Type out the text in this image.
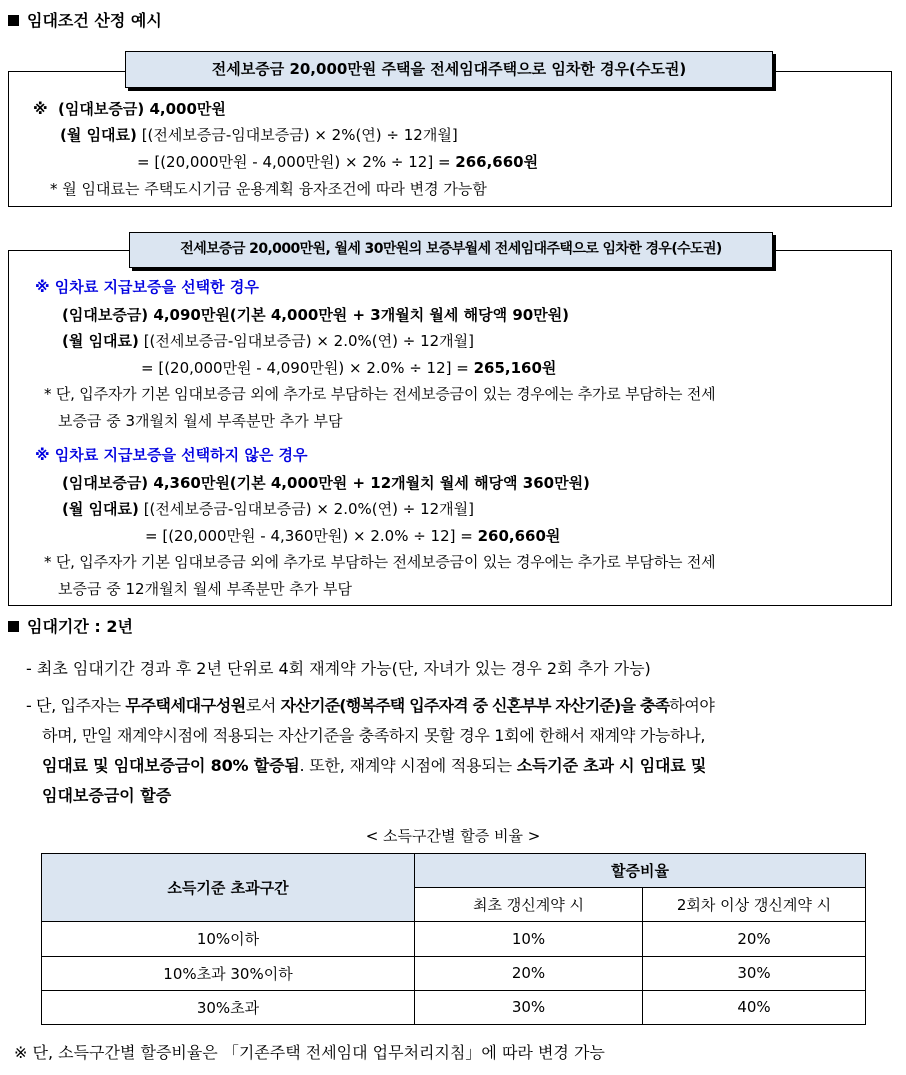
임대조건 산정 예시
전세보증금 20,000만원 주택을 전세임대주택으로 임차한 경우(수도권)
※ (임대보증금) 4,000만원
(월 임대료) [(전세보증금-임대보증금) × 2%(연) ÷ 12개월]
= [(20,000만원 - 4,000만원) × 2% ÷ 12] = 266,660원
* 월 임대료는 주택도시기금 운용계획 융자조건에 따라 변경 가능함
전세보증금 20,000만원, 월세 30만원의 보증부월세 전세임대주택으로 임차한 경우(수도권)
※ 임차료 지급보증을 선택한 경우
(임대보증금) 4,090만원(기본 4,000만원 + 3개월치 월세 해당액 90만원)
(월 임대료) [(전세보증금-임대보증금) × 2.0%(연) ÷ 12개월]
= [(20,000만원 - 4,090만원) × 2.0% ÷ 12] = 265,160원
* 단, 입주자가 기본 임대보증금 외에 추가로 부담하는 전세보증금이 있는 경우에는 추가로 부담하는 전세
보증금 중 3개월치 월세 부족분만 추가 부담
※ 임차료 지급보증을 선택하지 않은 경우
(임대보증금) 4,360만원(기본 4,000만원 + 12개월치 월세 해당액 360만원)
(월 임대료) [(전세보증금-임대보증금) × 2.0%(연) ÷ 12개월]
= [(20,000만원 - 4,360만원) × 2.0% ÷ 12] = 260,660원
* 단, 입주자가 기본 임대보증금 외에 추가로 부담하는 전세보증금이 있는 경우에는 추가로 부담하는 전세
보증금 중 12개월치 월세 부족분만 추가 부담
임대기간 : 2년
- 최초 임대기간 경과 후 2년 단위로 4회 재계약 가능(단, 자녀가 있는 경우 2회 추가 가능)
- 단, 입주자는 무주택세대구성원로서 자산기준(행복주택 입주자격 중 신혼부부 자산기준)을 충족하여야
하며, 만일 재계약시점에 적용되는 자산기준을 충족하지 못할 경우 1회에 한해서 재계약 가능하나,
임대료 및 임대보증금이 80% 할증됨. 또한, 재계약 시점에 적용되는 소득기준 초과 시 임대료 및
임대보증금이 할증
< 소득구간별 할증 비율 >
소득기준 초과구간	할증비율	
	최초 갱신계약 시	2회차 이상 갱신계약 시
10%이하	10%	20%
10%초과 30%이하	20%	30%
30%초과	30%	40%
※ 단, 소득구간별 할증비율은 「기존주택 전세임대 업무처리지침」에 따라 변경 가능
